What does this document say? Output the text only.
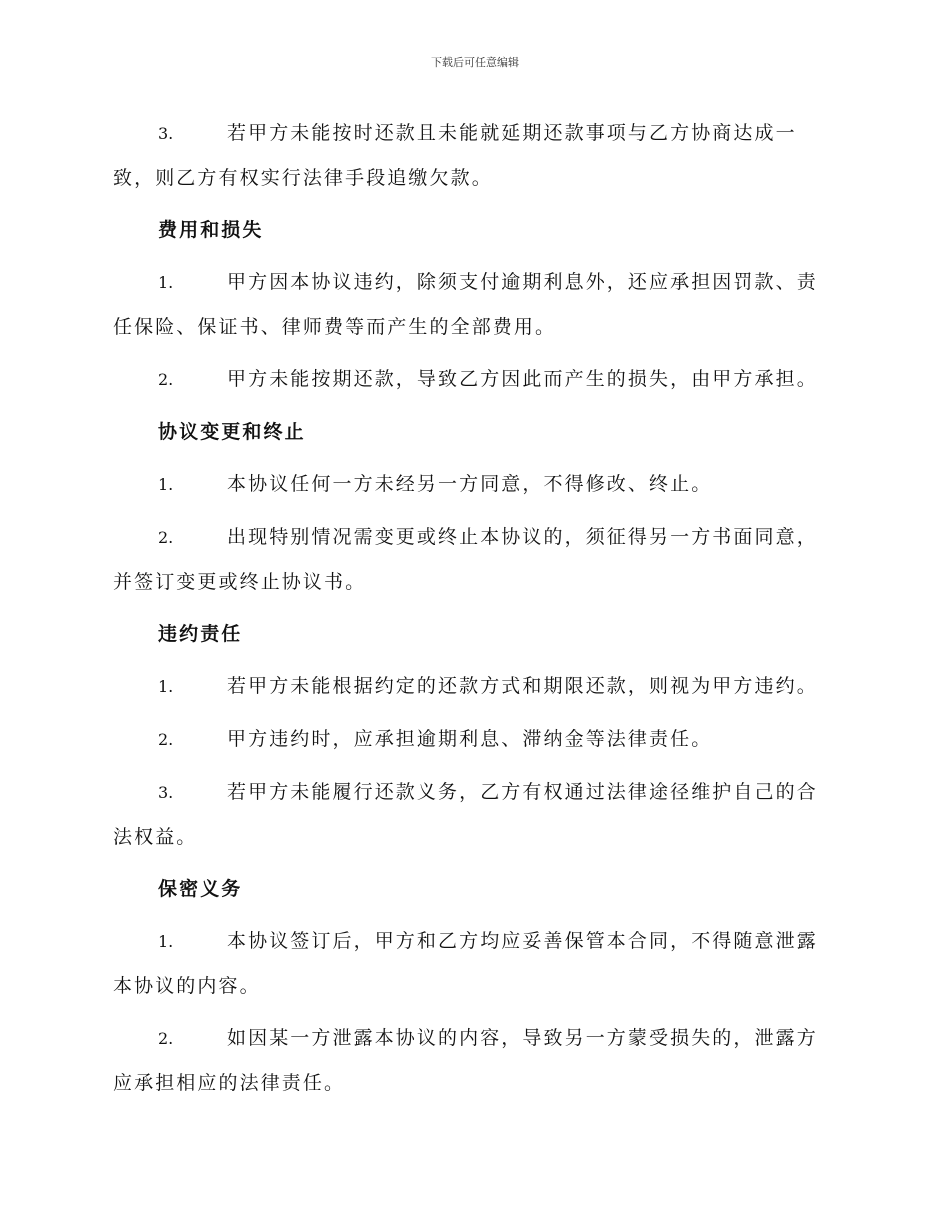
下载后可任意编辑

3.	若甲方未能按时还款且未能就延期还款事项与乙方协商达成一致，则乙方有权实行法律手段追缴欠款。

费用和损失

1.	甲方因本协议违约，除须支付逾期利息外，还应承担因罚款、责任保险、保证书、律师费等而产生的全部费用。

2.	甲方未能按期还款，导致乙方因此而产生的损失，由甲方承担。

协议变更和终止

1.	本协议任何一方未经另一方同意，不得修改、终止。

2.	出现特别情况需变更或终止本协议的，须征得另一方书面同意，并签订变更或终止协议书。

违约责任

1.	若甲方未能根据约定的还款方式和期限还款，则视为甲方违约。

2.	甲方违约时，应承担逾期利息、滞纳金等法律责任。

3.	若甲方未能履行还款义务，乙方有权通过法律途径维护自己的合法权益。

保密义务

1.	本协议签订后，甲方和乙方均应妥善保管本合同，不得随意泄露本协议的内容。

2.	如因某一方泄露本协议的内容，导致另一方蒙受损失的，泄露方应承担相应的法律责任。
